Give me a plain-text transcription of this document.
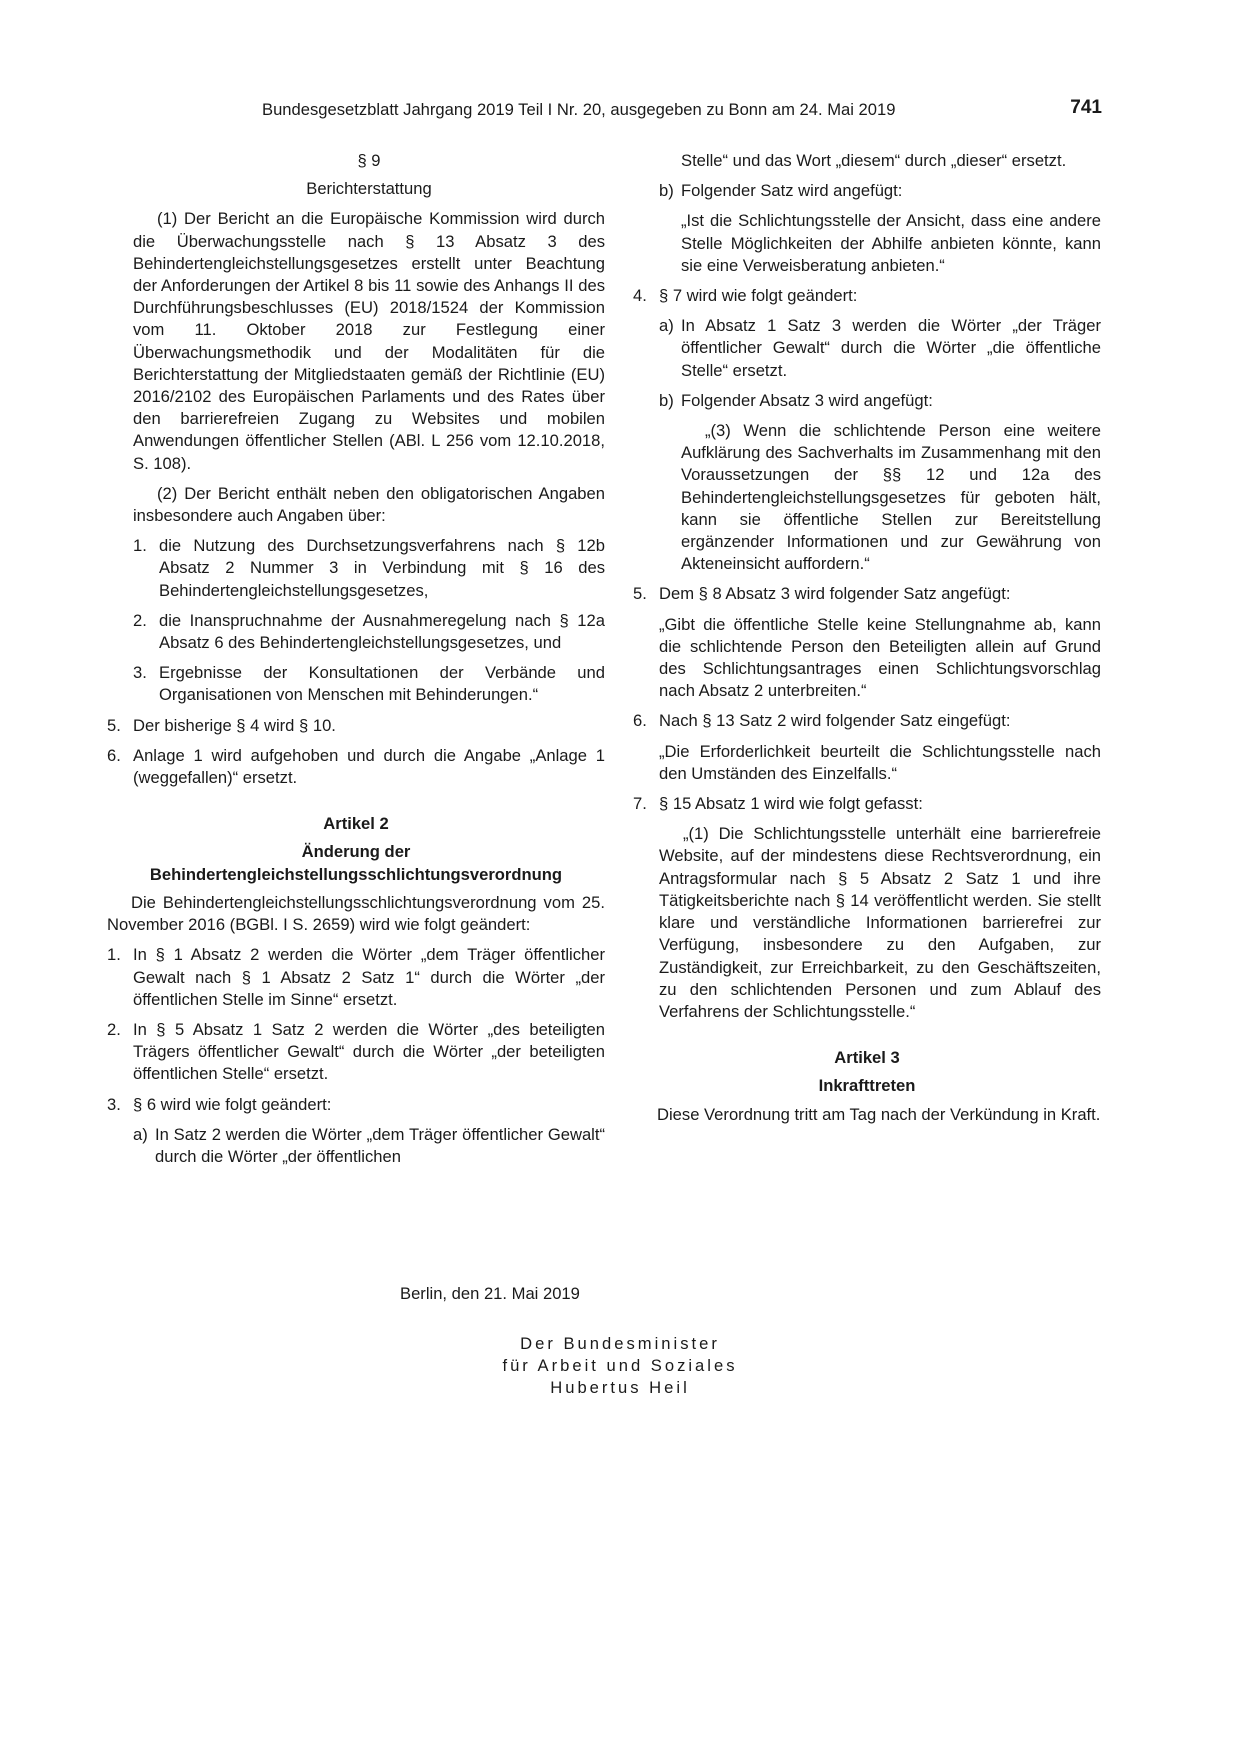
Bundesgesetzblatt Jahrgang 2019 Teil I Nr. 20, ausgegeben zu Bonn am 24. Mai 2019	741
§ 9
Berichterstattung

(1) Der Bericht an die Europäische Kommission wird durch die Überwachungsstelle nach § 13 Absatz 3 des Behindertengleichstellungsgesetzes erstellt unter Beachtung der Anforderungen der Artikel 8 bis 11 sowie des Anhangs II des Durchführungsbeschlusses (EU) 2018/1524 der Kommission vom 11. Oktober 2018 zur Festlegung einer Überwachungsmethodik und der Modalitäten für die Berichterstattung der Mitgliedstaaten gemäß der Richtlinie (EU) 2016/2102 des Europäischen Parlaments und des Rates über den barrierefreien Zugang zu Websites und mobilen Anwendungen öffentlicher Stellen (ABl. L 256 vom 12.10.2018, S. 108).

(2) Der Bericht enthält neben den obligatorischen Angaben insbesondere auch Angaben über:

1. die Nutzung des Durchsetzungsverfahrens nach § 12b Absatz 2 Nummer 3 in Verbindung mit § 16 des Behindertengleichstellungsgesetzes,
2. die Inanspruchnahme der Ausnahmeregelung nach § 12a Absatz 6 des Behindertengleichstellungsgesetzes, und
3. Ergebnisse der Konsultationen der Verbände und Organisationen von Menschen mit Behinderungen.“
5. Der bisherige § 4 wird § 10.
6. Anlage 1 wird aufgehoben und durch die Angabe „Anlage 1 (weggefallen)“ ersetzt.
Artikel 2
Änderung der
Behindertengleichstellungsschlichtungsverordnung

Die Behindertengleichstellungsschlichtungsverordnung vom 25. November 2016 (BGBl. I S. 2659) wird wie folgt geändert:

1. In § 1 Absatz 2 werden die Wörter „dem Träger öffentlicher Gewalt nach § 1 Absatz 2 Satz 1“ durch die Wörter „der öffentlichen Stelle im Sinne“ ersetzt.
2. In § 5 Absatz 1 Satz 2 werden die Wörter „des beteiligten Trägers öffentlicher Gewalt“ durch die Wörter „der beteiligten öffentlichen Stelle“ ersetzt.
3. § 6 wird wie folgt geändert:
a) In Satz 2 werden die Wörter „dem Träger öffentlicher Gewalt“ durch die Wörter „der öffentlichen

Stelle“ und das Wort „diesem“ durch „dieser“ ersetzt.

b) Folgender Satz wird angefügt:

„Ist die Schlichtungsstelle der Ansicht, dass eine andere Stelle Möglichkeiten der Abhilfe anbieten könnte, kann sie eine Verweisberatung anbieten.“

4. § 7 wird wie folgt geändert:
a) In Absatz 1 Satz 3 werden die Wörter „der Träger öffentlicher Gewalt“ durch die Wörter „die öffentliche Stelle“ ersetzt.
b) Folgender Absatz 3 wird angefügt:

„(3) Wenn die schlichtende Person eine weitere Aufklärung des Sachverhalts im Zusammenhang mit den Voraussetzungen der §§ 12 und 12a des Behindertengleichstellungsgesetzes für geboten hält, kann sie öffentliche Stellen zur Bereitstellung ergänzender Informationen und zur Gewährung von Akteneinsicht auffordern.“

5. Dem § 8 Absatz 3 wird folgender Satz angefügt:

„Gibt die öffentliche Stelle keine Stellungnahme ab, kann die schlichtende Person den Beteiligten allein auf Grund des Schlichtungsantrages einen Schlichtungsvorschlag nach Absatz 2 unterbreiten.“

6. Nach § 13 Satz 2 wird folgender Satz eingefügt:

„Die Erforderlichkeit beurteilt die Schlichtungsstelle nach den Umständen des Einzelfalls.“

7. § 15 Absatz 1 wird wie folgt gefasst:

„(1) Die Schlichtungsstelle unterhält eine barrierefreie Website, auf der mindestens diese Rechtsverordnung, ein Antragsformular nach § 5 Absatz 2 Satz 1 und ihre Tätigkeitsberichte nach § 14 veröffentlicht werden. Sie stellt klare und verständliche Informationen barrierefrei zur Verfügung, insbesondere zu den Aufgaben, zur Zuständigkeit, zur Erreichbarkeit, zu den Geschäftszeiten, zu den schlichtenden Personen und zum Ablauf des Verfahrens der Schlichtungsstelle.“

Artikel 3
Inkrafttreten

Diese Verordnung tritt am Tag nach der Verkündung in Kraft.

Berlin, den 21. Mai 2019
Der Bundesminister
für Arbeit und Soziales
Hubertus Heil
